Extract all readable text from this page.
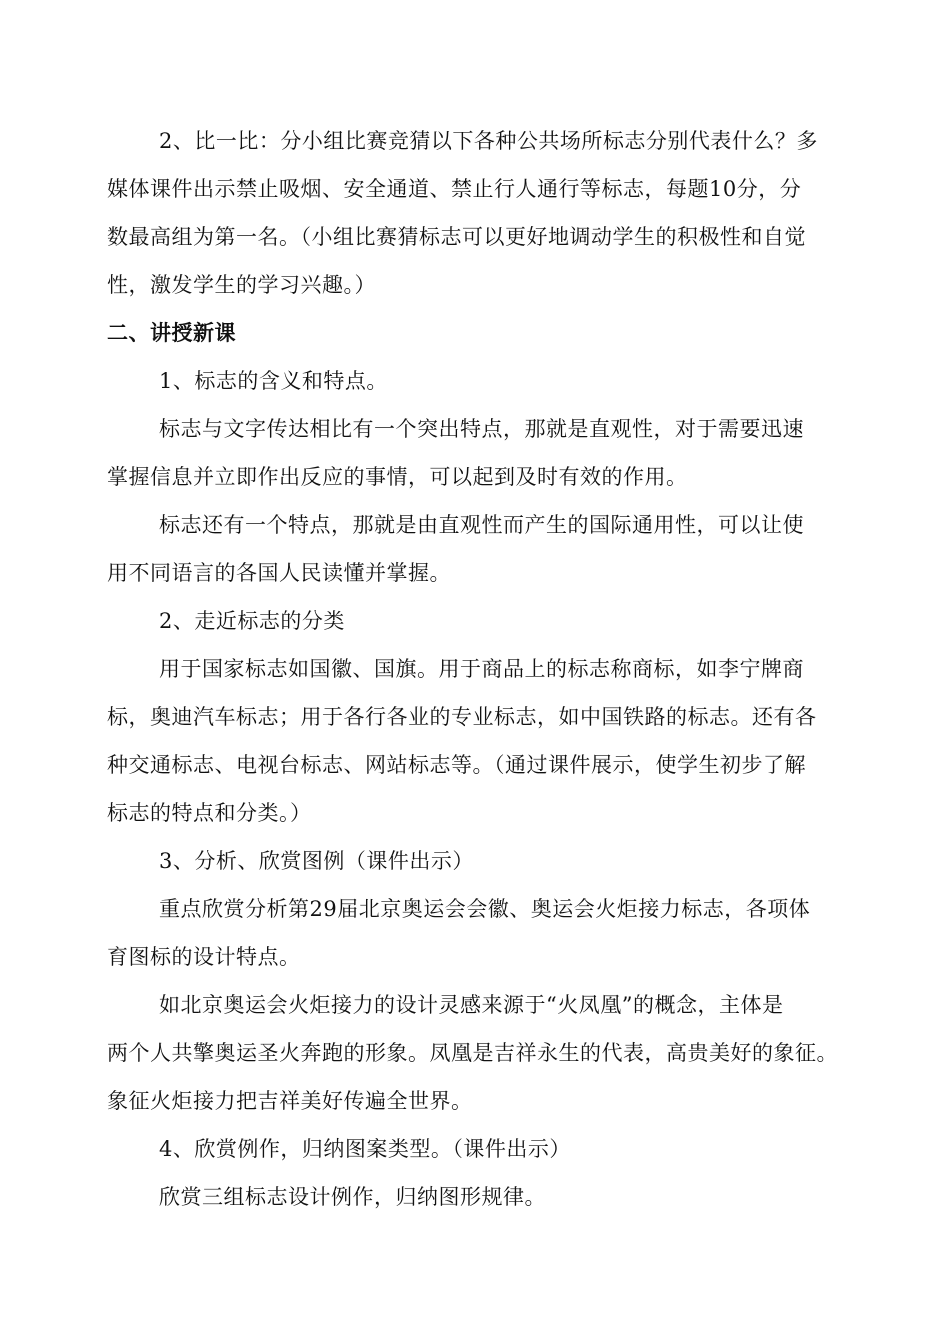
2、比一比：分小组比赛竞猜以下各种公共场所标志分别代表什么？多
媒体课件出示禁止吸烟、安全通道、禁止行人通行等标志，每题10分，分
数最高组为第一名。（小组比赛猜标志可以更好地调动学生的积极性和自觉
性，激发学生的学习兴趣。）
二、讲授新课
1、标志的含义和特点。
标志与文字传达相比有一个突出特点，那就是直观性，对于需要迅速
掌握信息并立即作出反应的事情，可以起到及时有效的作用。
标志还有一个特点，那就是由直观性而产生的国际通用性，可以让使
用不同语言的各国人民读懂并掌握。
2、走近标志的分类
用于国家标志如国徽、国旗。用于商品上的标志称商标，如李宁牌商
标，奥迪汽车标志；用于各行各业的专业标志，如中国铁路的标志。还有各
种交通标志、电视台标志、网站标志等。（通过课件展示，使学生初步了解
标志的特点和分类。）
3、分析、欣赏图例（课件出示）
重点欣赏分析第29届北京奥运会会徽、奥运会火炬接力标志，各项体
育图标的设计特点。
如北京奥运会火炬接力的设计灵感来源于“火凤凰”的概念，主体是
两个人共擎奥运圣火奔跑的形象。凤凰是吉祥永生的代表，高贵美好的象征。
象征火炬接力把吉祥美好传遍全世界。
4、欣赏例作，归纳图案类型。（课件出示）
欣赏三组标志设计例作，归纳图形规律。
